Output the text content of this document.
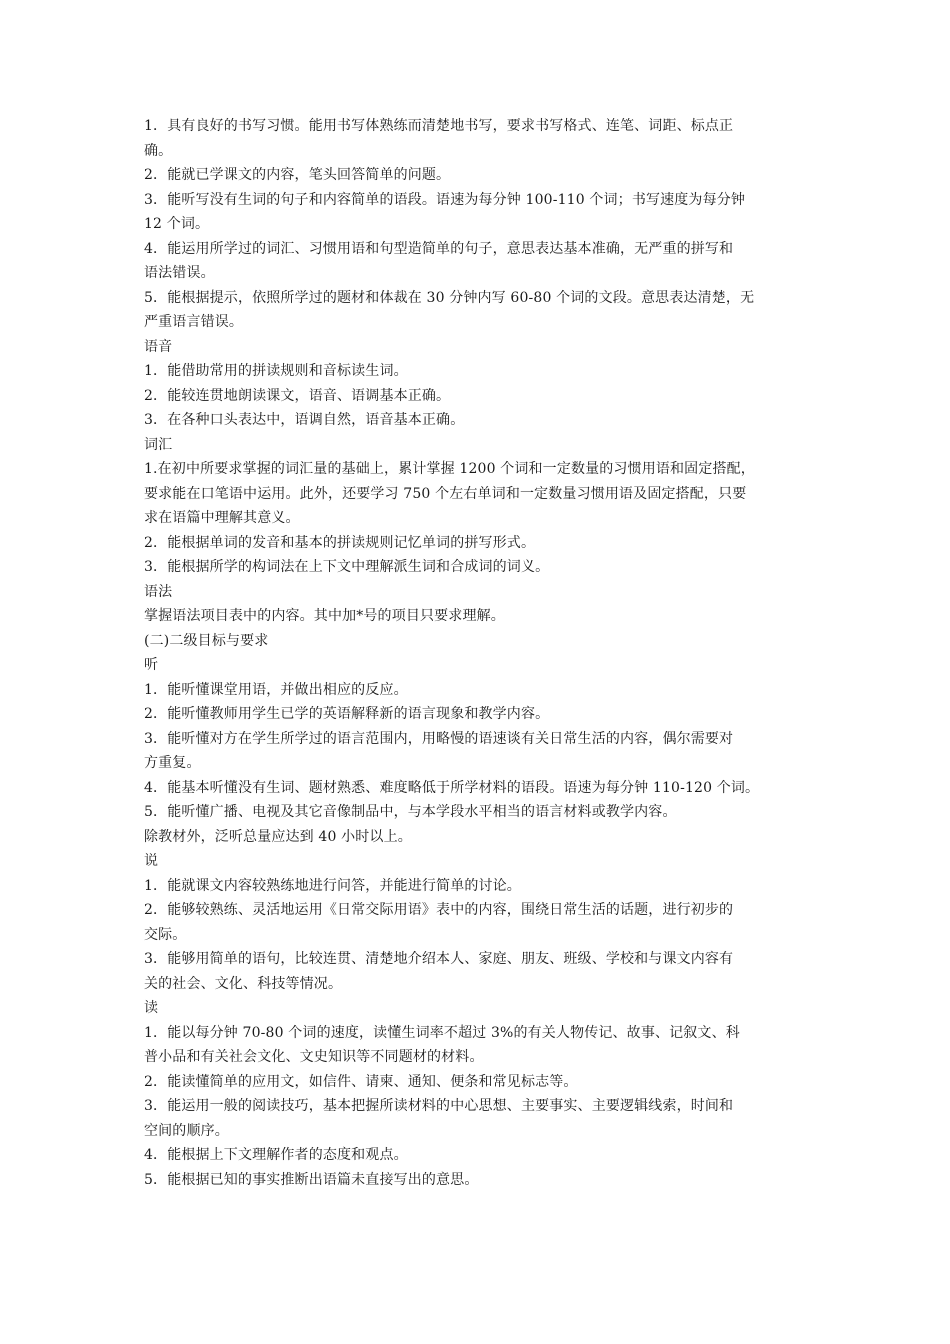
1．具有良好的书写习惯。能用书写体熟练而清楚地书写，要求书写格式、连笔、词距、标点正
确。
2．能就已学课文的内容，笔头回答简单的问题。
3．能听写没有生词的句子和内容简单的语段。语速为每分钟 100-110 个词；书写速度为每分钟
12 个词。
4．能运用所学过的词汇、习惯用语和句型造简单的句子，意思表达基本准确，无严重的拼写和
语法错误。
5．能根据提示，依照所学过的题材和体裁在 30 分钟内写 60-80 个词的文段。意思表达清楚，无
严重语言错误。
语音
1．能借助常用的拼读规则和音标读生词。
2．能较连贯地朗读课文，语音、语调基本正确。
3．在各种口头表达中，语调自然，语音基本正确。
词汇
1.在初中所要求掌握的词汇量的基础上，累计掌握 1200 个词和一定数量的习惯用语和固定搭配，
要求能在口笔语中运用。此外，还要学习 750 个左右单词和一定数量习惯用语及固定搭配，只要
求在语篇中理解其意义。
2．能根据单词的发音和基本的拼读规则记忆单词的拼写形式。
3．能根据所学的构词法在上下文中理解派生词和合成词的词义。
语法
掌握语法项目表中的内容。其中加*号的项目只要求理解。
(二)二级目标与要求
听
1．能听懂课堂用语，并做出相应的反应。
2．能听懂教师用学生已学的英语解释新的语言现象和教学内容。
3．能听懂对方在学生所学过的语言范围内，用略慢的语速谈有关日常生活的内容，偶尔需要对
方重复。
4．能基本听懂没有生词、题材熟悉、难度略低于所学材料的语段。语速为每分钟 110-120 个词。
5．能听懂广播、电视及其它音像制品中，与本学段水平相当的语言材料或教学内容。
除教材外，泛听总量应达到 40 小时以上。
说
1．能就课文内容较熟练地进行问答，并能进行简单的讨论。
2．能够较熟练、灵活地运用《日常交际用语》表中的内容，围绕日常生活的话题，进行初步的
交际。
3．能够用简单的语句，比较连贯、清楚地介绍本人、家庭、朋友、班级、学校和与课文内容有
关的社会、文化、科技等情况。
读
1．能以每分钟 70-80 个词的速度，读懂生词率不超过 3%的有关人物传记、故事、记叙文、科
普小品和有关社会文化、文史知识等不同题材的材料。
2．能读懂简单的应用文，如信件、请柬、通知、便条和常见标志等。
3．能运用一般的阅读技巧，基本把握所读材料的中心思想、主要事实、主要逻辑线索，时间和
空间的顺序。
4．能根据上下文理解作者的态度和观点。
5．能根据已知的事实推断出语篇未直接写出的意思。
